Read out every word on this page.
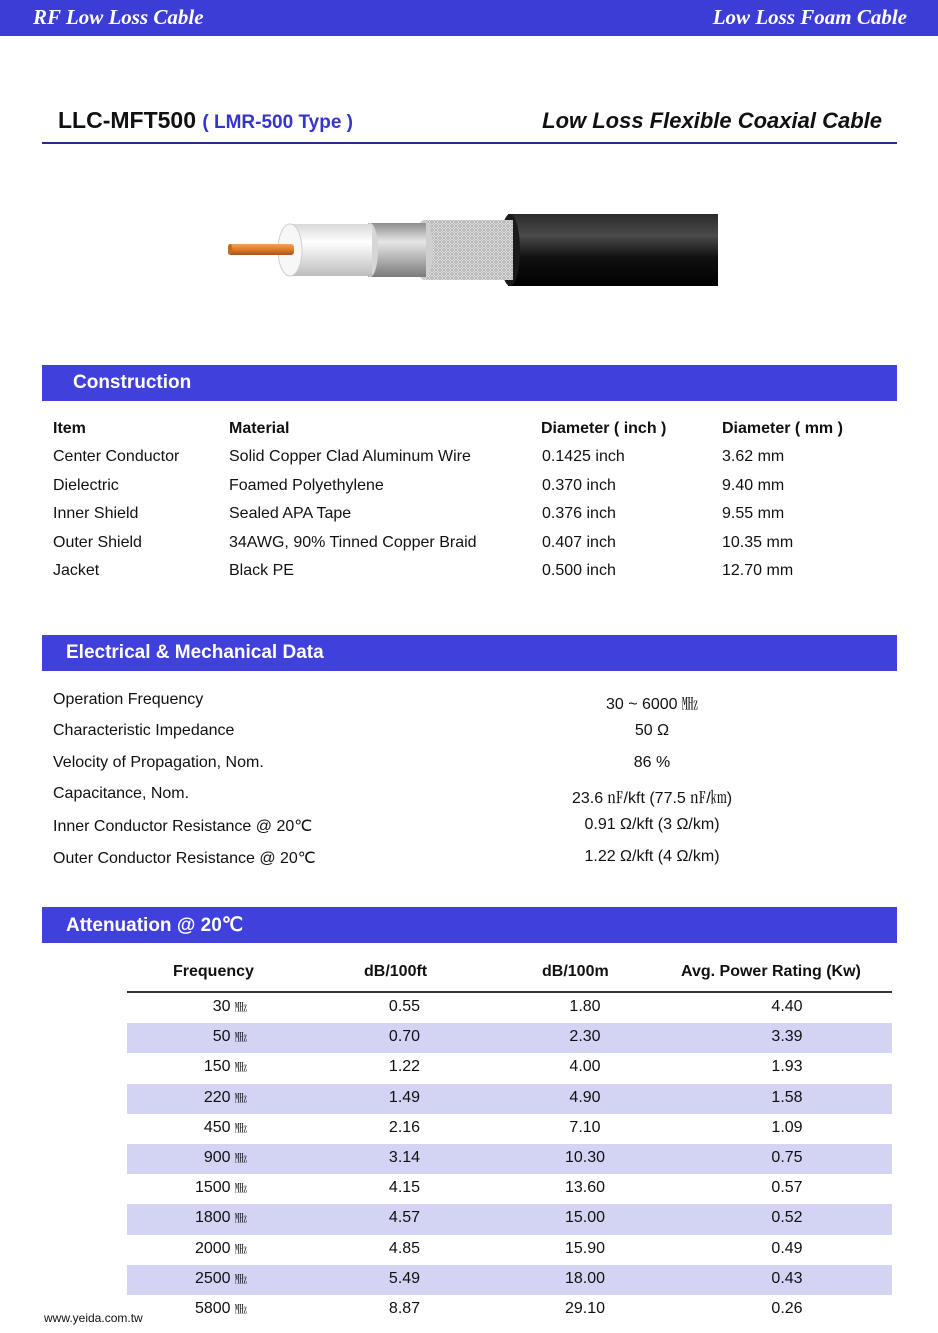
RF Low Loss Cable	Low Loss Foam Cable
LLC-MFT500 ( LMR-500 Type )	Low Loss Flexible Coaxial Cable
Construction
Item	Material	Diameter ( inch )	Diameter ( mm )
Center Conductor	Solid Copper Clad Aluminum Wire	0.1425 inch	3.62 mm
Dielectric	Foamed Polyethylene	0.370 inch	9.40 mm
Inner Shield	Sealed APA Tape	0.376 inch	9.55 mm
Outer Shield	34AWG, 90% Tinned Copper Braid	0.407 inch	10.35 mm
Jacket	Black PE	0.500 inch	12.70 mm
Electrical & Mechanical Data
Operation Frequency	30 ~ 6000 ㎒
Characteristic Impedance	50 Ω
Velocity of Propagation, Nom.	86 %
Capacitance, Nom.	23.6 ㎋/kft (77.5 ㎋/㎞)
Inner Conductor Resistance @ 20℃	0.91 Ω/kft (3 Ω/km)
Outer Conductor Resistance @ 20℃	1.22 Ω/kft (4 Ω/km)
Attenuation @ 20℃
Frequency	dB/100ft	dB/100m	Avg. Power Rating (Kw)
30 ㎒	0.55	1.80	4.40
50 ㎒	0.70	2.30	3.39
150 ㎒	1.22	4.00	1.93
220 ㎒	1.49	4.90	1.58
450 ㎒	2.16	7.10	1.09
900 ㎒	3.14	10.30	0.75
1500 ㎒	4.15	13.60	0.57
1800 ㎒	4.57	15.00	0.52
2000 ㎒	4.85	15.90	0.49
2500 ㎒	5.49	18.00	0.43
5800 ㎒	8.87	29.10	0.26
www.yeida.com.tw
